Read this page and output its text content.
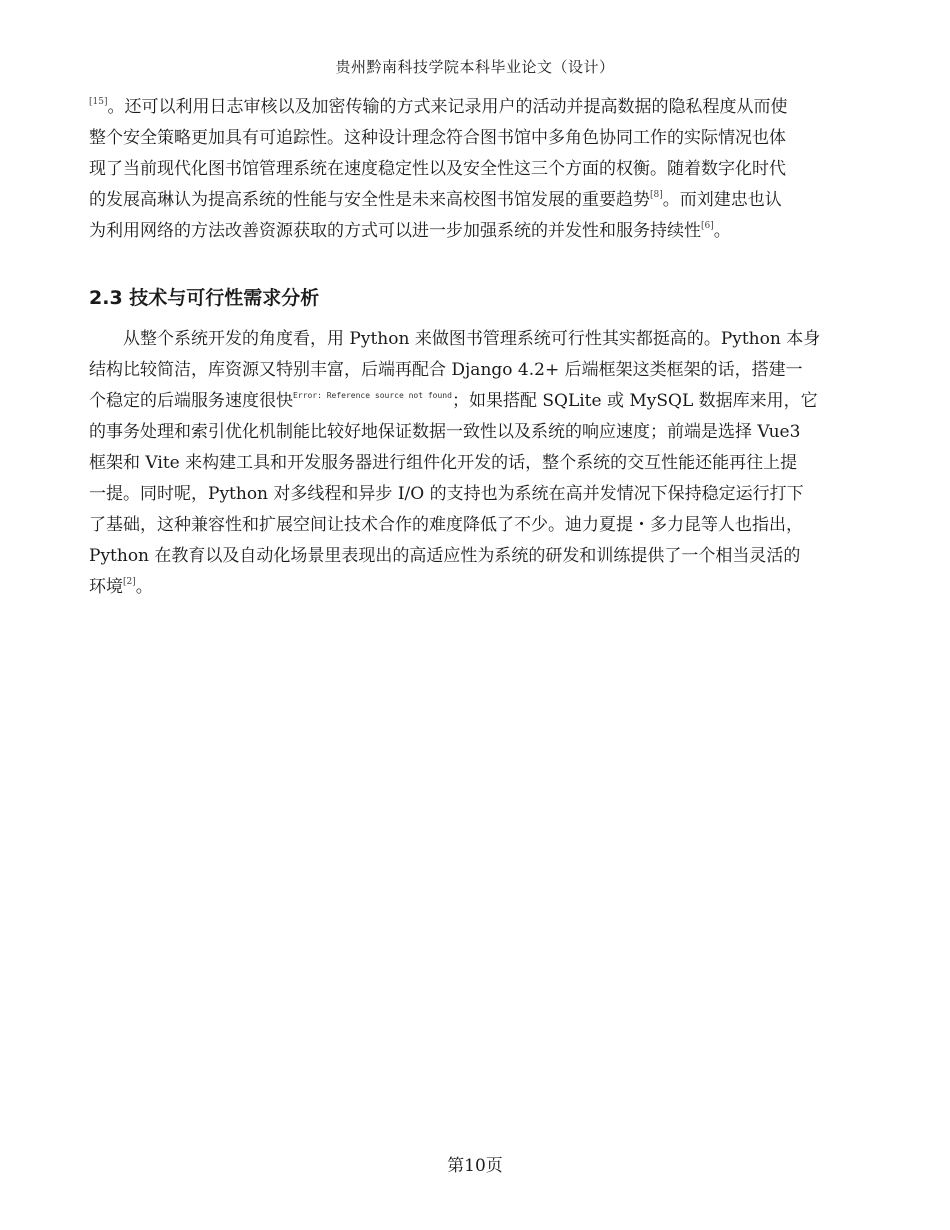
贵州黔南科技学院本科毕业论文（设计）

[15]。还可以利用日志审核以及加密传输的方式来记录用户的活动并提高数据的隐私程度从而使
整个安全策略更加具有可追踪性。这种设计理念符合图书馆中多角色协同工作的实际情况也体
现了当前现代化图书馆管理系统在速度稳定性以及安全性这三个方面的权衡。随着数字化时代
的发展高琳认为提高系统的性能与安全性是未来高校图书馆发展的重要趋势[8]。而刘建忠也认
为利用网络的方法改善资源获取的方式可以进一步加强系统的并发性和服务持续性[6]。

2.3 技术与可行性需求分析

从整个系统开发的角度看，用 Python 来做图书管理系统可行性其实都挺高的。Python 本身
结构比较简洁，库资源又特别丰富，后端再配合 Django 4.2+ 后端框架这类框架的话，搭建一
个稳定的后端服务速度很快$^{Error: Reference source not found}$；如果搭配 SQLite 或 MySQL 数据库来用，它
的事务处理和索引优化机制能比较好地保证数据一致性以及系统的响应速度；前端是选择 Vue3
框架和 Vite 来构建工具和开发服务器进行组件化开发的话，整个系统的交互性能还能再往上提
一提。同时呢，Python 对多线程和异步 I/O 的支持也为系统在高并发情况下保持稳定运行打下
了基础，这种兼容性和扩展空间让技术合作的难度降低了不少。迪力夏提・多力昆等人也指出，
Python 在教育以及自动化场景里表现出的高适应性为系统的研发和训练提供了一个相当灵活的
环境[2]。

第10页
